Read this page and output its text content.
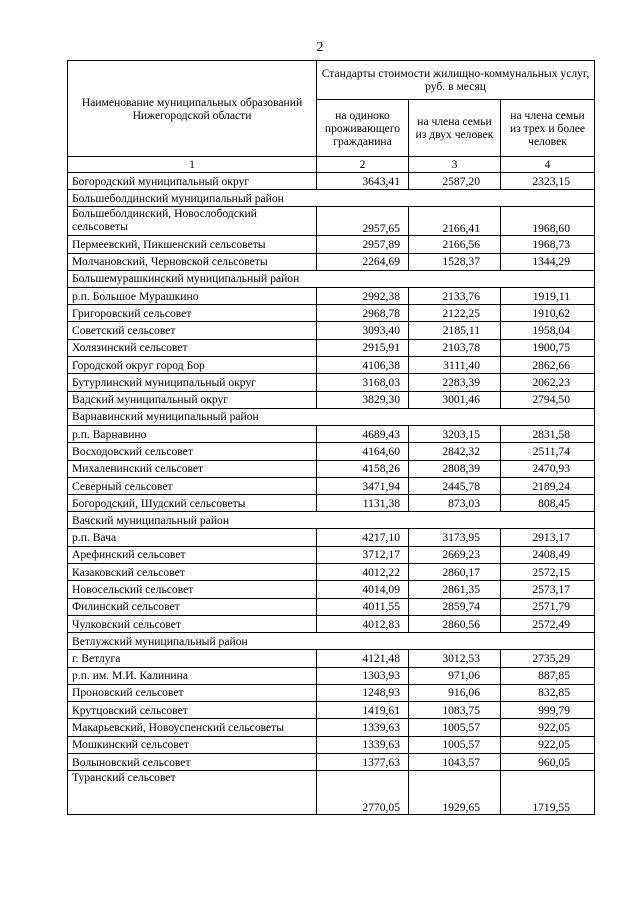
2
Наименование муниципальных образований Нижегородской области	Стандарты стоимости жилищно-коммунальных услуг, руб. в месяц		
	на одиноко проживающего гражданина	на члена семьи из двух человек	на члена семьи из трех и более человек
1	2	3	4
Богородский муниципальный округ	3643,41	2587,20	2323,15
Большеболдинский муниципальный район			
Большеболдинский, Новослободский сельсоветы	2957,65	2166,41	1968,60
Пермеевский, Пикшенский сельсоветы	2957,89	2166,56	1968,73
Молчановский, Черновской сельсоветы	2264,69	1528,37	1344,29
Большемурашкинский муниципальный район			
р.п. Большое Мурашкино	2992,38	2133,76	1919,11
Григоровский сельсовет	2968,78	2122,25	1910,62
Советский сельсовет	3093,40	2185,11	1958,04
Холязинский сельсовет	2915,91	2103,78	1900,75
Городской округ город Бор	4106,38	3111,40	2862,66
Бутурлинский муниципальный округ	3168,03	2283,39	2062,23
Вадский муниципальный округ	3829,30	3001,46	2794,50
Варнавинский муниципальный район			
р.п. Варнавино	4689,43	3203,15	2831,58
Восходовский сельсовет	4164,60	2842,32	2511,74
Михаленинский сельсовет	4158,26	2808,39	2470,93
Северный сельсовет	3471,94	2445,78	2189,24
Богородский, Шудский сельсоветы	1131,38	873,03	808,45
Вачский муниципальный район			
р.п. Вача	4217,10	3173,95	2913,17
Арефинский сельсовет	3712,17	2669,23	2408,49
Казаковский сельсовет	4012,22	2860,17	2572,15
Новосельский сельсовет	4014,09	2861,35	2573,17
Филинский сельсовет	4011,55	2859,74	2571,79
Чулковский сельсовет	4012,83	2860,56	2572,49
Ветлужский муниципальный район			
г. Ветлуга	4121,48	3012,53	2735,29
р.п. им. М.И. Калинина	1303,93	971,06	887,85
Проновский сельсовет	1248,93	916,06	832,85
Крутцовский сельсовет	1419,61	1083,75	999,79
Макарьевский, Новоуспенский сельсоветы	1339,63	1005,57	922,05
Мошкинский сельсовет	1339,63	1005,57	922,05
Волыновский сельсовет	1377,63	1043,57	960,05
Туранский сельсовет	2770,05	1929,65	1719,55
